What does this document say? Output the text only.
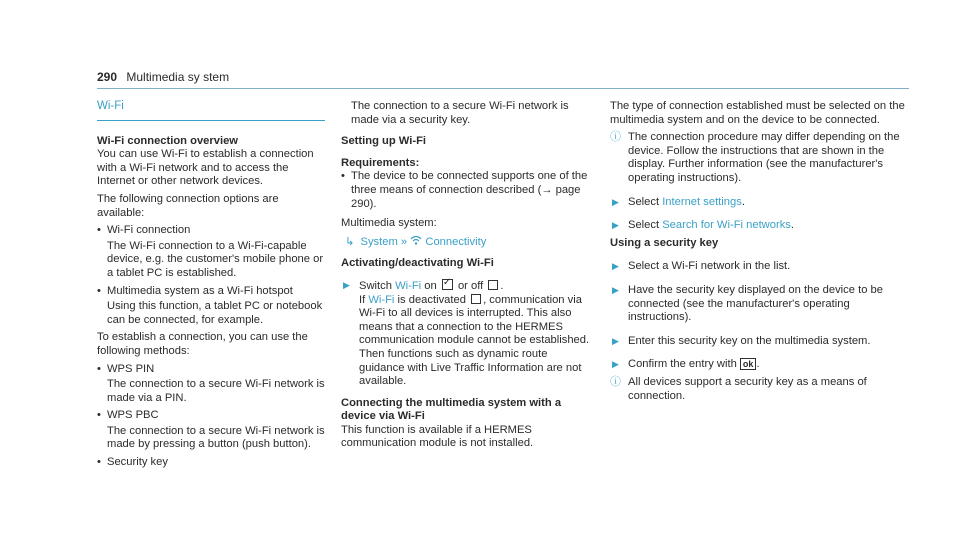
290 Multimedia sy stem
Wi-Fi
Wi-Fi connection overview
You can use Wi-Fi to establish a connection with a Wi-Fi network and to access the Internet or other network devices.
The following connection options are available:
• Wi-Fi connection
The Wi-Fi connection to a Wi-Fi-capable device, e.g. the customer's mobile phone or a tablet PC is established.
• Multimedia system as a Wi-Fi hotspot
Using this function, a tablet PC or notebook can be connected, for example.
To establish a connection, you can use the following methods:
• WPS PIN
The connection to a secure Wi-Fi network is made via a PIN.
• WPS PBC
The connection to a secure Wi-Fi network is made by pressing a button (push button).
• Security key
The connection to a secure Wi-Fi network is made via a security key.
Setting up Wi-Fi
Requirements:
• The device to be connected supports one of the three means of connection described (→ page 290).
Multimedia system:
↳ System » Connectivity
Activating/deactivating Wi-Fi
▶ Switch Wi-Fi on ✓ or off .
If Wi-Fi is deactivated , communication via Wi-Fi to all devices is interrupted. This also means that a connection to the HERMES communication module cannot be established. Then functions such as dynamic route guidance with Live Traffic Information are not available.
Connecting the multimedia system with a device via Wi-Fi
This function is available if a HERMES communication module is not installed.
The type of connection established must be selected on the multimedia system and on the device to be connected.
ⓘ The connection procedure may differ depending on the device. Follow the instructions that are shown in the display. Further information (see the manufacturer's operating instructions).
▶ Select Internet settings.
▶ Select Search for Wi-Fi networks.
Using a security key
▶ Select a Wi-Fi network in the list.
▶ Have the security key displayed on the device to be connected (see the manufacturer's operating instructions).
▶ Enter this security key on the multimedia system.
▶ Confirm the entry with ok .
ⓘ All devices support a security key as a means of connection.
